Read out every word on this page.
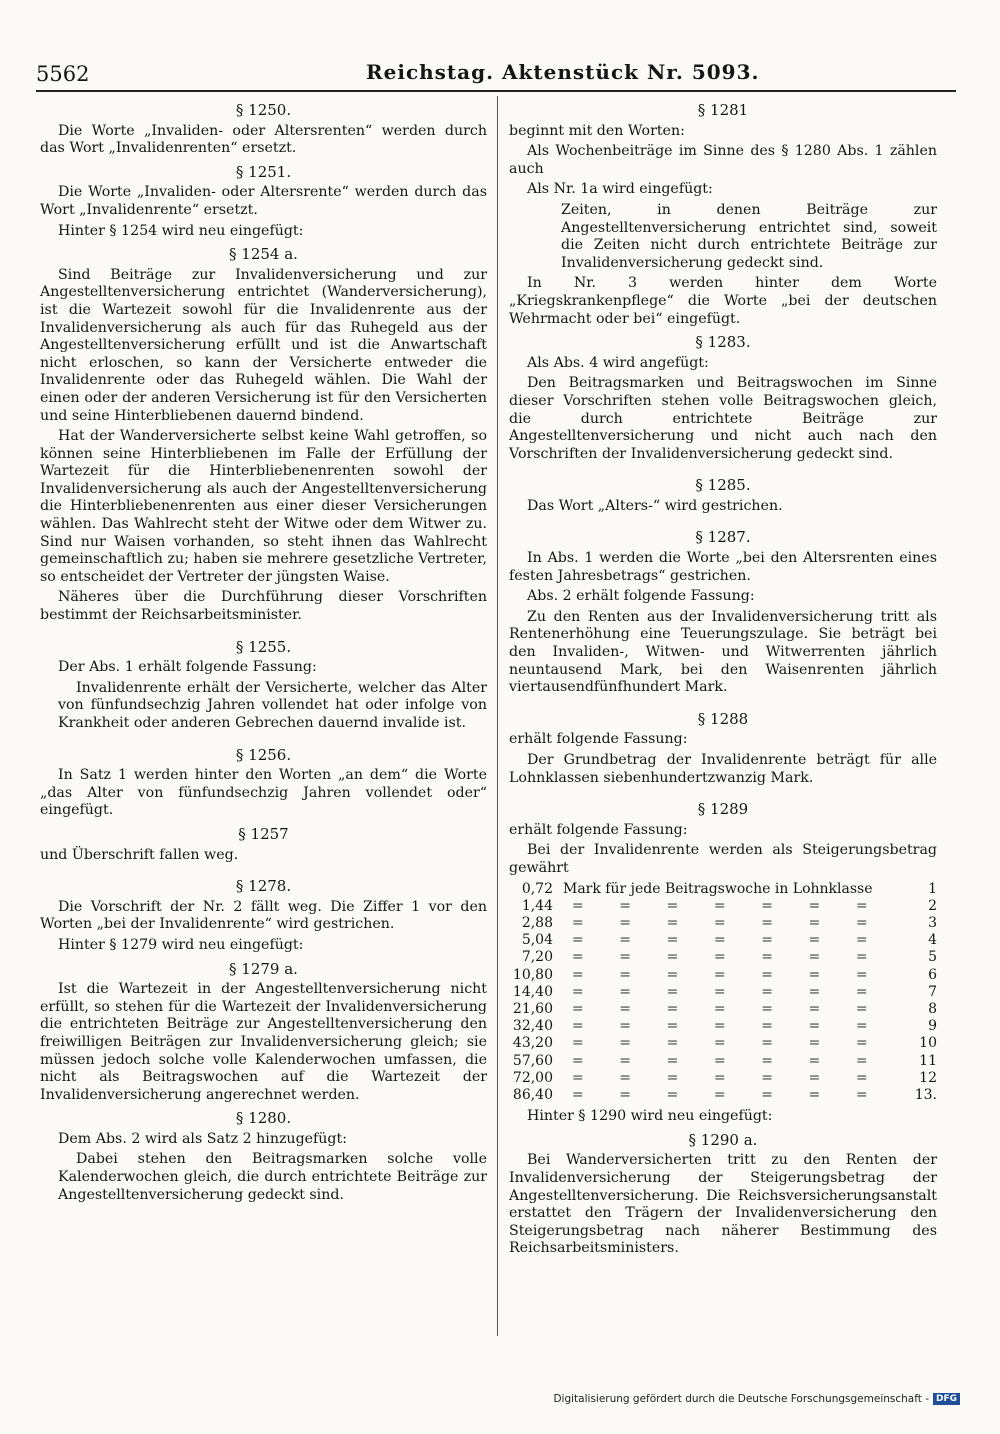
5562	Reichstag. Aktenstück Nr. 5093.
§ 1250.

Die Worte „Invaliden- oder Altersrenten“ werden durch das Wort „Invalidenrenten“ ersetzt.

§ 1251.

Die Worte „Invaliden- oder Altersrente“ werden durch das Wort „Invalidenrente“ ersetzt.

Hinter § 1254 wird neu eingefügt:

§ 1254 a.

Sind Beiträge zur Invalidenversicherung und zur Angestelltenversicherung entrichtet (Wanderversicherung), ist die Wartezeit sowohl für die Invalidenrente aus der Invalidenversicherung als auch für das Ruhegeld aus der Angestelltenversicherung erfüllt und ist die Anwartschaft nicht erloschen, so kann der Versicherte entweder die Invalidenrente oder das Ruhegeld wählen. Die Wahl der einen oder der anderen Versicherung ist für den Versicherten und seine Hinterbliebenen dauernd bindend.

Hat der Wanderversicherte selbst keine Wahl getroffen, so können seine Hinterbliebenen im Falle der Erfüllung der Wartezeit für die Hinterbliebenenrenten sowohl der Invalidenversicherung als auch der Angestelltenversicherung die Hinterbliebenenrenten aus einer dieser Versicherungen wählen. Das Wahlrecht steht der Witwe oder dem Witwer zu. Sind nur Waisen vorhanden, so steht ihnen das Wahlrecht gemeinschaftlich zu; haben sie mehrere gesetzliche Vertreter, so entscheidet der Vertreter der jüngsten Waise.

Näheres über die Durchführung dieser Vorschriften bestimmt der Reichsarbeitsminister.

§ 1255.

Der Abs. 1 erhält folgende Fassung:

Invalidenrente erhält der Versicherte, welcher das Alter von fünfundsechzig Jahren vollendet hat oder infolge von Krankheit oder anderen Gebrechen dauernd invalide ist.

§ 1256.

In Satz 1 werden hinter den Worten „an dem“ die Worte „das Alter von fünfundsechzig Jahren vollendet oder“ eingefügt.

§ 1257

und Überschrift fallen weg.

§ 1278.

Die Vorschrift der Nr. 2 fällt weg. Die Ziffer 1 vor den Worten „bei der Invalidenrente“ wird gestrichen.

Hinter § 1279 wird neu eingefügt:

§ 1279 a.

Ist die Wartezeit in der Angestelltenversicherung nicht erfüllt, so stehen für die Wartezeit der Invalidenversicherung die entrichteten Beiträge zur Angestelltenversicherung den freiwilligen Beiträgen zur Invalidenversicherung gleich; sie müssen jedoch solche volle Kalenderwochen umfassen, die nicht als Beitragswochen auf die Wartezeit der Invalidenversicherung angerechnet werden.

§ 1280.

Dem Abs. 2 wird als Satz 2 hinzugefügt:

Dabei stehen den Beitragsmarken solche volle Kalenderwochen gleich, die durch entrichtete Beiträge zur Angestelltenversicherung gedeckt sind.

§ 1281

beginnt mit den Worten:

Als Wochenbeiträge im Sinne des § 1280 Abs. 1 zählen auch

Als Nr. 1a wird eingefügt:

Zeiten, in denen Beiträge zur Angestelltenversicherung entrichtet sind, soweit die Zeiten nicht durch entrichtete Beiträge zur Invalidenversicherung gedeckt sind.

In Nr. 3 werden hinter dem Worte „Kriegskrankenpflege“ die Worte „bei der deutschen Wehrmacht oder bei“ eingefügt.

§ 1283.

Als Abs. 4 wird angefügt:

Den Beitragsmarken und Beitragswochen im Sinne dieser Vorschriften stehen volle Beitragswochen gleich, die durch entrichtete Beiträge zur Angestelltenversicherung und nicht auch nach den Vorschriften der Invalidenversicherung gedeckt sind.

§ 1285.

Das Wort „Alters-“ wird gestrichen.

§ 1287.

In Abs. 1 werden die Worte „bei den Altersrenten eines festen Jahresbetrags“ gestrichen.

Abs. 2 erhält folgende Fassung:

Zu den Renten aus der Invalidenversicherung tritt als Rentenerhöhung eine Teuerungszulage. Sie beträgt bei den Invaliden-, Witwen- und Witwerrenten jährlich neuntausend Mark, bei den Waisenrenten jährlich viertausendfünfhundert Mark.

§ 1288

erhält folgende Fassung:

Der Grundbetrag der Invalidenrente beträgt für alle Lohnklassen siebenhundertzwanzig Mark.

§ 1289

erhält folgende Fassung:

Bei der Invalidenrente werden als Steigerungsbetrag gewährt

0,72	Mark für jede Beitragswoche in Lohnklasse	1
1,44	=        =        =        =        =        =        =	2
2,88	=        =        =        =        =        =        =	3
5,04	=        =        =        =        =        =        =	4
7,20	=        =        =        =        =        =        =	5
10,80	=        =        =        =        =        =        =	6
14,40	=        =        =        =        =        =        =	7
21,60	=        =        =        =        =        =        =	8
32,40	=        =        =        =        =        =        =	9
43,20	=        =        =        =        =        =        =	10
57,60	=        =        =        =        =        =        =	11
72,00	=        =        =        =        =        =        =	12
86,40	=        =        =        =        =        =        =	13.

Hinter § 1290 wird neu eingefügt:

§ 1290 a.

Bei Wanderversicherten tritt zu den Renten der Invalidenversicherung der Steigerungsbetrag der Angestelltenversicherung. Die Reichsversicherungsanstalt erstattet den Trägern der Invalidenversicherung den Steigerungsbetrag nach näherer Bestimmung des Reichsarbeitsministers.

Digitalisierung gefördert durch die Deutsche Forschungsgemeinschaft - DFG
